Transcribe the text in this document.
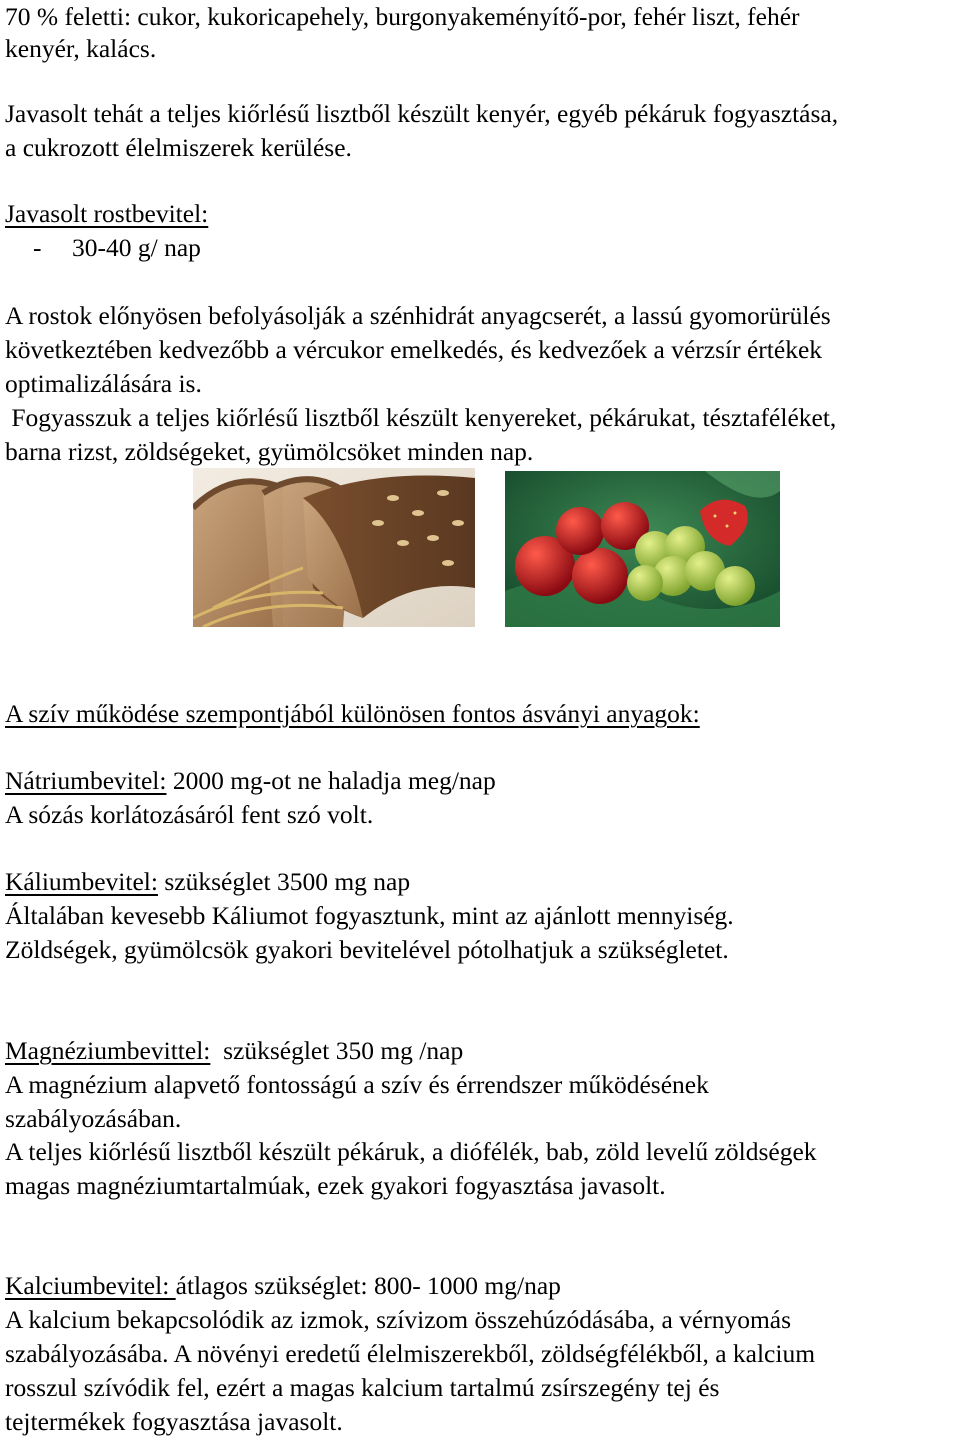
70 % feletti: cukor, kukoricapehely, burgonyakeményítő-por, fehér liszt, fehér
kenyér, kalács.
Javasolt tehát a teljes kiőrlésű lisztből készült kenyér, egyéb pékáruk fogyasztása,
a cukrozott élelmiszerek kerülése.
Javasolt rostbevitel:
- 30-40 g/ nap
A rostok előnyösen befolyásolják a szénhidrát anyagcserét, a lassú gyomorürülés
következtében kedvezőbb a vércukor emelkedés, és kedvezőek a vérzsír értékek
optimalizálására is.
Fogyasszuk a teljes kiőrlésű lisztből készült kenyereket, pékárukat, tésztaféléket,
barna rizst, zöldségeket, gyümölcsöket minden nap.
A szív működése szempontjából különösen fontos ásványi anyagok:
Nátriumbevitel: 2000 mg-ot ne haladja meg/nap
A sózás korlátozásáról fent szó volt.
Káliumbevitel: szükséglet 3500 mg nap
Általában kevesebb Káliumot fogyasztunk, mint az ajánlott mennyiség.
Zöldségek, gyümölcsök gyakori bevitelével pótolhatjuk a szükségletet.
Magnéziumbevittel:  szükséglet 350 mg /nap
A magnézium alapvető fontosságú a szív és érrendszer működésének
szabályozásában.
A teljes kiőrlésű lisztből készült pékáruk, a diófélék, bab, zöld levelű zöldségek
magas magnéziumtartalmúak, ezek gyakori fogyasztása javasolt.
Kalciumbevitel: átlagos szükséglet: 800- 1000 mg/nap
A kalcium bekapcsolódik az izmok, szívizom összehúzódásába, a vérnyomás
szabályozásába. A növényi eredetű élelmiszerekből, zöldségfélékből, a kalcium
rosszul szívódik fel, ezért a magas kalcium tartalmú zsírszegény tej és
tejtermékek fogyasztása javasolt.
